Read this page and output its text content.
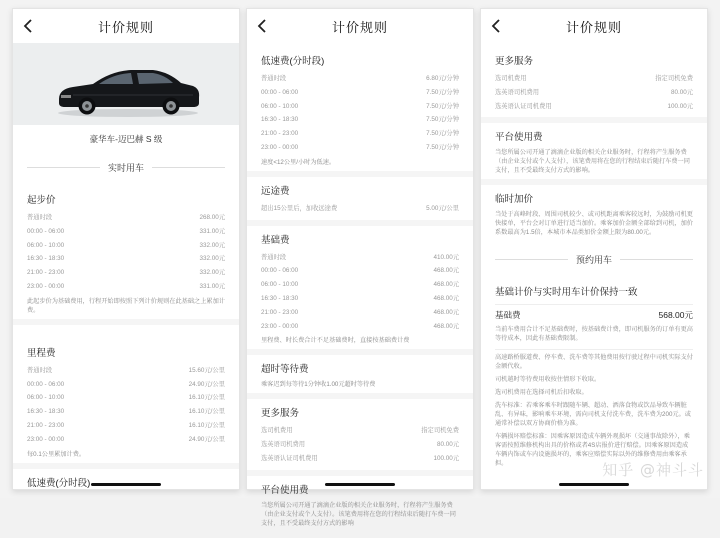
计价规则
豪华车-迈巴赫 S 级
实时用车
起步价
普通时段	268.00元
00:00 - 06:00	331.00元
06:00 - 10:00	332.00元
16:30 - 18:30	332.00元
21:00 - 23:00	332.00元
23:00 - 00:00	331.00元
此起步价为基础费用，行程开始即按照下列计价规则在此基础之上累加计费。
里程费
普通时段	15.60元/公里
00:00 - 06:00	24.90元/公里
06:00 - 10:00	16.10元/公里
16:30 - 18:30	16.10元/公里
21:00 - 23:00	16.10元/公里
23:00 - 00:00	24.90元/公里
每0.1公里累加计费。
低速费(分时段)
计价规则
低速费(分时段)
普通时段	6.80元/分钟
00:00 - 06:00	7.50元/分钟
06:00 - 10:00	7.50元/分钟
16:30 - 18:30	7.50元/分钟
21:00 - 23:00	7.50元/分钟
23:00 - 00:00	7.50元/分钟
速度<12公里/小时为低速。
远途费
超出15公里后，加收远途费	5.00元/公里
基础费
普通时段	410.00元
00:00 - 06:00	468.00元
06:00 - 10:00	468.00元
16:30 - 18:30	468.00元
21:00 - 23:00	468.00元
23:00 - 00:00	468.00元
里程费、时长费合计不足基础费时，直接按基础费计费
超时等待费
乘客迟到每等待1分钟收1.00元超时等待费
更多服务
选司机费用	指定司机免费
选英语司机费用	80.00元
选英语认证司机费用	100.00元
平台使用费
当您所属公司开通了滴滴企业版的相关企业服务时，行程将产生服务费（由企业支付或个人支付）。该笔费用将在您的行程结束后随打车费一同支付，且不受最终支付方式的影响
计价规则
更多服务
选司机费用	指定司机免费
选英语司机费用	80.00元
选英语认证司机费用	100.00元
平台使用费
当您所属公司开通了滴滴企业版的相关企业服务时，行程将产生服务费（由企业支付或个人支付），该笔费用将在您的行程结束后随打车费一同支付，且不受最终支付方式的影响。
临时加价
当处于高峰时段、周围司机较少、或司机距离乘客较远时，为鼓励司机更快接单，平台会对订单进行适当加价。乘客加价金额全部给到司机，加价系数最高为1.5倍，本城市本品类加价金额上限为80.00元。
预约用车
基础计价与实时用车计价保持一致
基础费	568.00元
当前车费用合计不足基础费时，按基础费计费，即司机服务的订单有更高等待成本，因此有基础费限制。
高速路桥服道费、停车费、洗车费等其他费用按行驶过程中司机实际支付金额代收。
司机越时等待费用收按住情形下收取。
选司机费用在选择司机后扣收取。
洗车标准：若乘客乘车时跟随车辆、超动、洒落食物或饮品导致车辆脏乱、有异味，影响乘车环境，需向司机支付洗车费，洗车费为200元。或通常补偿以双方协商价格为准。
车辆损坏赔偿标准：因乘客原因造成车辆外观损坏（交通事故除外），乘客需按照维修机构出具的价格或者4S店报价进行赔偿。因乘客原因造成车辆内饰或车内设施损坏的，乘客应赔偿实际以外的维修费用由乘客承担。	知乎 @神斗斗
